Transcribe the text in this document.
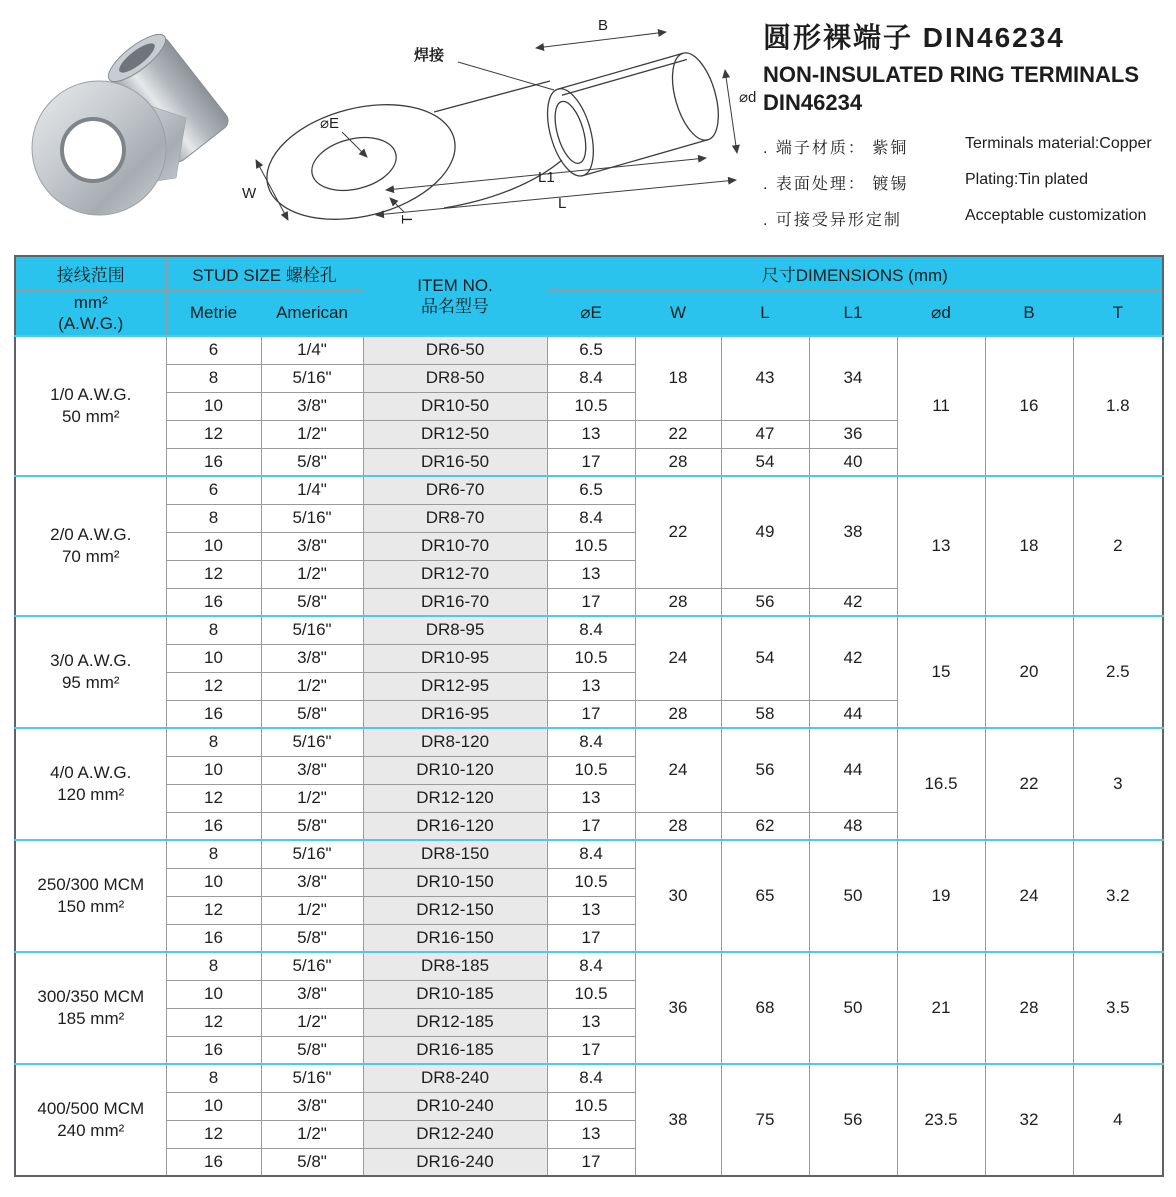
焊接
B
⌀d
⌀E
W
L1
L
T
圆形裸端子 DIN46234
NON-INSULATED RING TERMINALS
DIN46234
. 端子材质： 紫铜	Terminals material:Copper
. 表面处理： 镀锡	Plating:Tin plated
. 可接受异形定制	Acceptable customization
接线范围	STUD SIZE 螺栓孔		ITEM NO.
品名型号	尺寸DIMENSIONS (mm)						

mm²
(A.W.G.)	Metrie	American		⌀E	W	L	L1	⌀d	B	T

1/0 A.W.G.
50 mm²	6	1/4"	DR6-50	6.5	18	43	34	11	16	1.8
	8	5/16"	DR8-50	8.4						
	10	3/8"	DR10-50	10.5						
	12	1/2"	DR12-50	13	22	47	36			
	16	5/8"	DR16-50	17	28	54	40			

2/0 A.W.G.
70 mm²	6	1/4"	DR6-70	6.5	22	49	38	13	18	2
	8	5/16"	DR8-70	8.4						
	10	3/8"	DR10-70	10.5						
	12	1/2"	DR12-70	13						
	16	5/8"	DR16-70	17	28	56	42			

3/0 A.W.G.
95 mm²	8	5/16"	DR8-95	8.4	24	54	42	15	20	2.5
	10	3/8"	DR10-95	10.5						
	12	1/2"	DR12-95	13						
	16	5/8"	DR16-95	17	28	58	44			

4/0 A.W.G.
120 mm²	8	5/16"	DR8-120	8.4	24	56	44	16.5	22	3
	10	3/8"	DR10-120	10.5						
	12	1/2"	DR12-120	13						
	16	5/8"	DR16-120	17	28	62	48			

250/300 MCM
150 mm²	8	5/16"	DR8-150	8.4	30	65	50	19	24	3.2
	10	3/8"	DR10-150	10.5						
	12	1/2"	DR12-150	13						
	16	5/8"	DR16-150	17						

300/350 MCM
185 mm²	8	5/16"	DR8-185	8.4	36	68	50	21	28	3.5
	10	3/8"	DR10-185	10.5						
	12	1/2"	DR12-185	13						
	16	5/8"	DR16-185	17						

400/500 MCM
240 mm²	8	5/16"	DR8-240	8.4	38	75	56	23.5	32	4
	10	3/8"	DR10-240	10.5						
	12	1/2"	DR12-240	13						
	16	5/8"	DR16-240	17						
